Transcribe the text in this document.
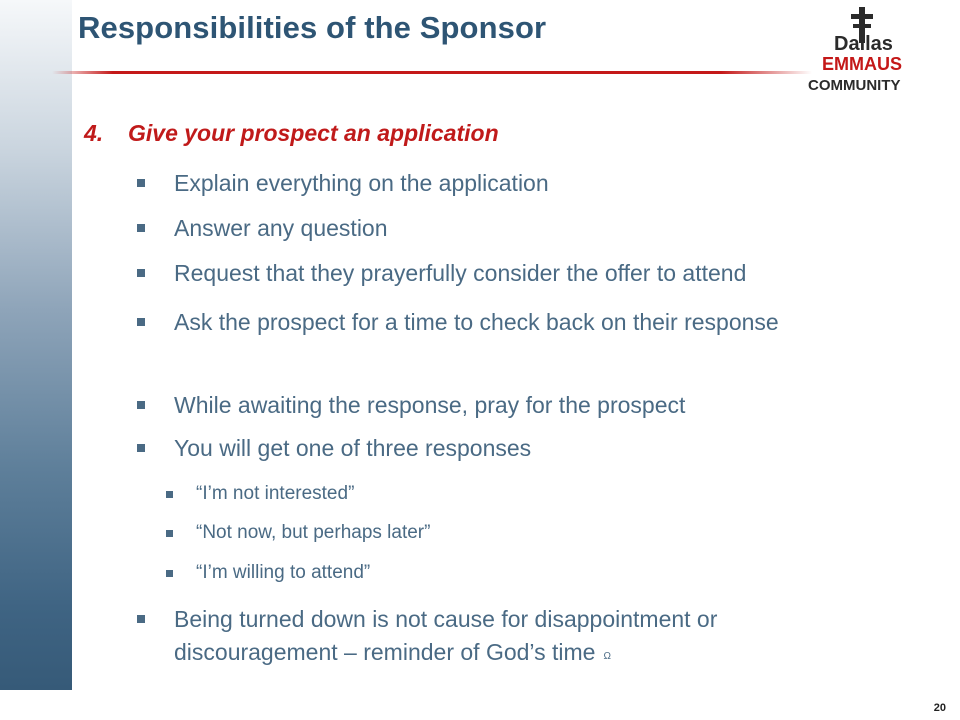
Responsibilities of the Sponsor	Dallas
EMMAUS
COMMUNITY
4. Give your prospect an application
Explain everything on the application
Answer any question
Request that they prayerfully consider the offer to attend
Ask the prospect for a time to check back on their response
While awaiting the response, pray for the prospect
You will get one of three responses
“I’m not interested”
“Not now, but perhaps later”
“I’m willing to attend”
Being turned down is not cause for disappointment or discouragement – reminder of God’s time Ω
20
